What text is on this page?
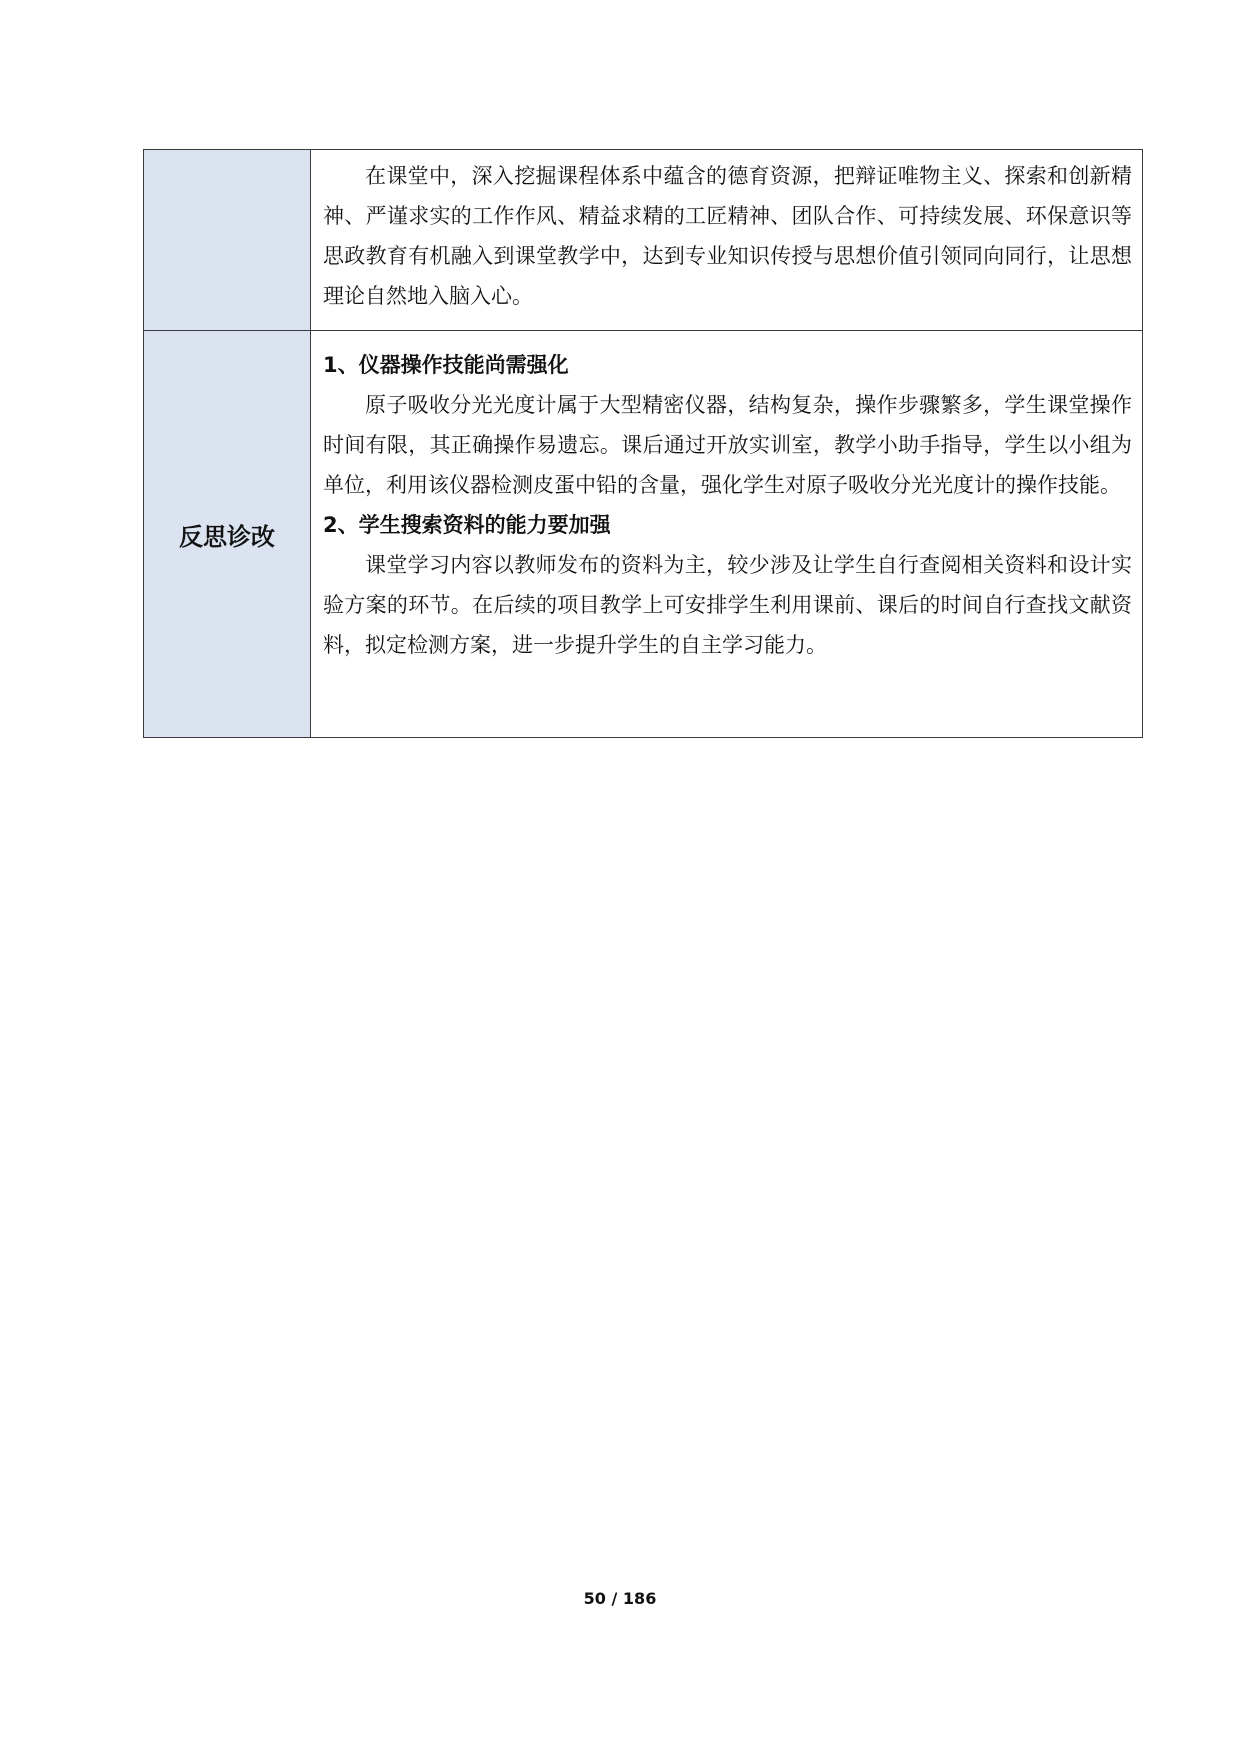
	在课堂中，深入挖掘课程体系中蕴含的德育资源，把辩证唯物主义、探索和创新精神、严谨求实的工作作风、精益求精的工匠精神、团队合作、可持续发展、环保意识等思政教育有机融入到课堂教学中，达到专业知识传授与思想价值引领同向同行，让思想理论自然地入脑入心。

反思诊改	1、仪器操作技能尚需强化

原子吸收分光光度计属于大型精密仪器，结构复杂，操作步骤繁多，学生课堂操作时间有限，其正确操作易遗忘。课后通过开放实训室，教学小助手指导，学生以小组为单位，利用该仪器检测皮蛋中铅的含量，强化学生对原子吸收分光光度计的操作技能。

2、学生搜索资料的能力要加强

课堂学习内容以教师发布的资料为主，较少涉及让学生自行查阅相关资料和设计实验方案的环节。在后续的项目教学上可安排学生利用课前、课后的时间自行查找文献资料，拟定检测方案，进一步提升学生的自主学习能力。

50 / 186
